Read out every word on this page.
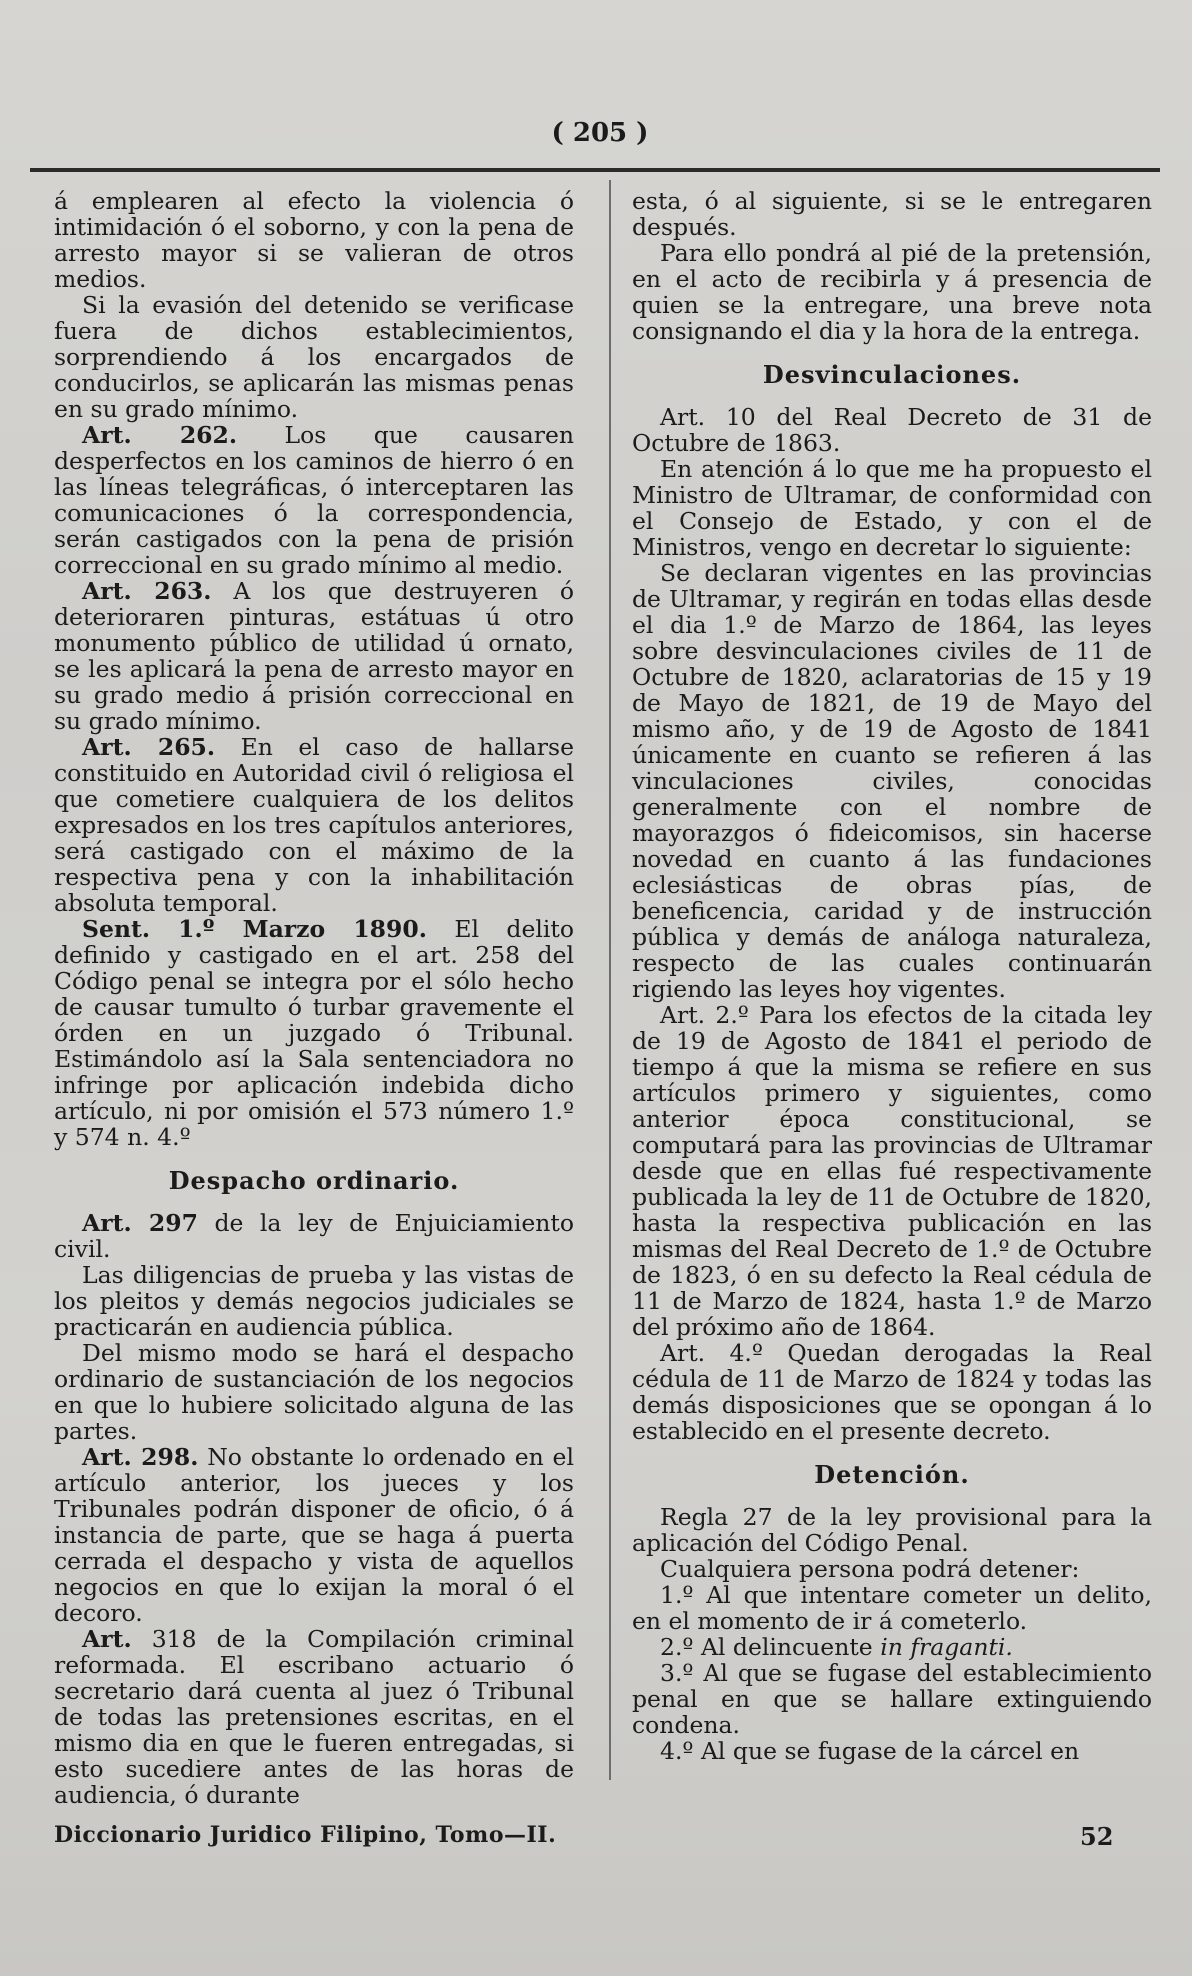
( 205 )

á emplearen al efecto la violencia ó intimidación ó el soborno, y con la pena de arresto mayor si se valieran de otros medios.

Si la evasión del detenido se verificase fuera de dichos establecimientos, sorprendiendo á los encargados de conducirlos, se aplicarán las mismas penas en su grado mínimo.

Art. 262. Los que causaren desperfectos en los caminos de hierro ó en las líneas telegráficas, ó interceptaren las comunicaciones ó la correspondencia, serán castigados con la pena de prisión correccional en su grado mínimo al medio.

Art. 263. A los que destruyeren ó deterioraren pinturas, estátuas ú otro monumento público de utilidad ú ornato, se les aplicará la pena de arresto mayor en su grado medio á prisión correccional en su grado mínimo.

Art. 265. En el caso de hallarse constituido en Autoridad civil ó religiosa el que cometiere cualquiera de los delitos expresados en los tres capítulos anteriores, será castigado con el máximo de la respectiva pena y con la inhabilitación absoluta temporal.

Sent. 1.º Marzo 1890. El delito definido y castigado en el art. 258 del Código penal se integra por el sólo hecho de causar tumulto ó turbar gravemente el órden en un juzgado ó Tribunal. Estimándolo así la Sala sentenciadora no infringe por aplicación indebida dicho artículo, ni por omisión el 573 número 1.º y 574 n. 4.º

Despacho ordinario.

Art. 297 de la ley de Enjuiciamiento civil.

Las diligencias de prueba y las vistas de los pleitos y demás negocios judiciales se practicarán en audiencia pública.

Del mismo modo se hará el despacho ordinario de sustanciación de los negocios en que lo hubiere solicitado alguna de las partes.

Art. 298. No obstante lo ordenado en el artículo anterior, los jueces y los Tribunales podrán disponer de oficio, ó á instancia de parte, que se haga á puerta cerrada el despacho y vista de aquellos negocios en que lo exijan la moral ó el decoro.

Art. 318 de la Compilación criminal reformada. El escribano actuario ó secretario dará cuenta al juez ó Tribunal de todas las pretensiones escritas, en el mismo dia en que le fueren entregadas, si esto sucediere antes de las horas de audiencia, ó durante

esta, ó al siguiente, si se le entregaren después.

Para ello pondrá al pié de la pretensión, en el acto de recibirla y á presencia de quien se la entregare, una breve nota consignando el dia y la hora de la entrega.

Desvinculaciones.

Art. 10 del Real Decreto de 31 de Octubre de 1863.

En atención á lo que me ha propuesto el Ministro de Ultramar, de conformidad con el Consejo de Estado, y con el de Ministros, vengo en decretar lo siguiente:

Se declaran vigentes en las provincias de Ultramar, y regirán en todas ellas desde el dia 1.º de Marzo de 1864, las leyes sobre desvinculaciones civiles de 11 de Octubre de 1820, aclaratorias de 15 y 19 de Mayo de 1821, de 19 de Mayo del mismo año, y de 19 de Agosto de 1841 únicamente en cuanto se refieren á las vinculaciones civiles, conocidas generalmente con el nombre de mayorazgos ó fideicomisos, sin hacerse novedad en cuanto á las fundaciones eclesiásticas de obras pías, de beneficencia, caridad y de instrucción pública y demás de análoga naturaleza, respecto de las cuales continuarán rigiendo las leyes hoy vigentes.

Art. 2.º Para los efectos de la citada ley de 19 de Agosto de 1841 el periodo de tiempo á que la misma se refiere en sus artículos primero y siguientes, como anterior época constitucional, se computará para las provincias de Ultramar desde que en ellas fué respectivamente publicada la ley de 11 de Octubre de 1820, hasta la respectiva publicación en las mismas del Real Decreto de 1.º de Octubre de 1823, ó en su defecto la Real cédula de 11 de Marzo de 1824, hasta 1.º de Marzo del próximo año de 1864.

Art. 4.º Quedan derogadas la Real cédula de 11 de Marzo de 1824 y todas las demás disposiciones que se opongan á lo establecido en el presente decreto.

Detención.

Regla 27 de la ley provisional para la aplicación del Código Penal.

Cualquiera persona podrá detener:

1.º Al que intentare cometer un delito, en el momento de ir á cometerlo.

2.º Al delincuente in fraganti.

3.º Al que se fugase del establecimiento penal en que se hallare extinguiendo condena.

4.º Al que se fugase de la cárcel en

Diccionario Juridico Filipino, Tomo—II.	52
